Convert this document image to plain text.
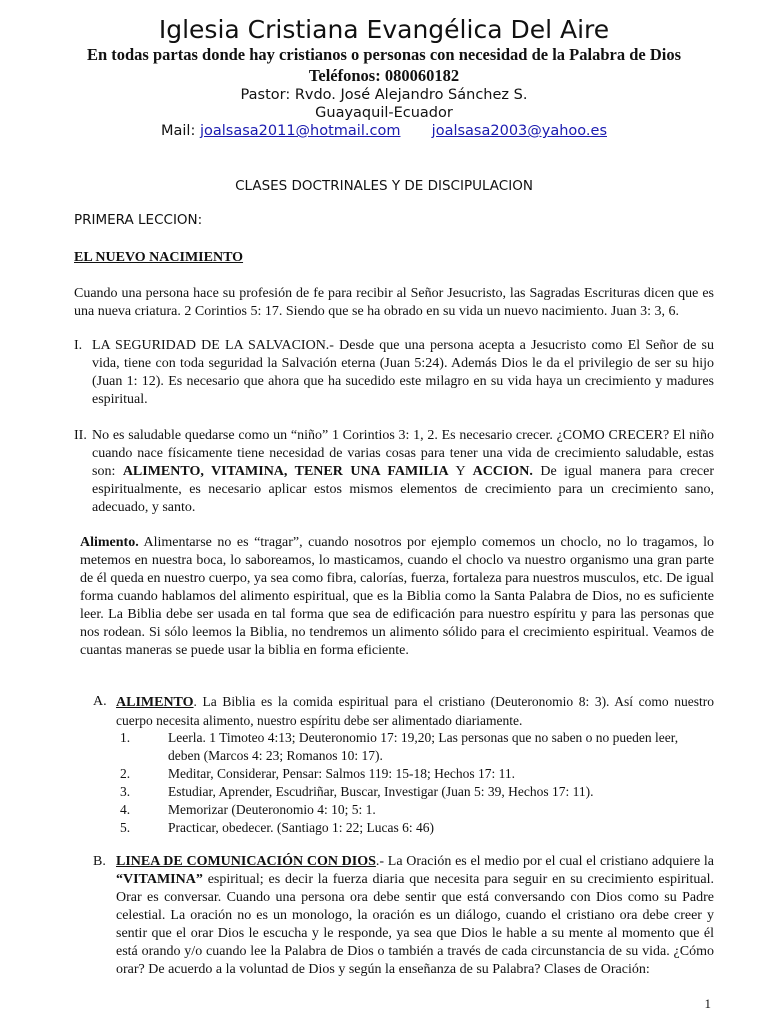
Iglesia Cristiana Evangélica Del Aire
En todas partas donde hay cristianos o personas con necesidad de la Palabra de Dios
Teléfonos: 080060182
Pastor: Rvdo. José Alejandro Sánchez S.
Guayaquil-Ecuador
Mail: joalsasa2011@hotmail.com joalsasa2003@yahoo.es
CLASES DOCTRINALES Y DE DISCIPULACION
PRIMERA LECCION:
EL NUEVO NACIMIENTO
Cuando una persona hace su profesión de fe para recibir al Señor Jesucristo, las Sagradas Escrituras dicen que es una nueva criatura. 2 Corintios 5: 17. Siendo que se ha obrado en su vida un nuevo nacimiento. Juan 3: 3, 6.
I. LA SEGURIDAD DE LA SALVACION.- Desde que una persona acepta a Jesucristo como El Señor de su vida, tiene con toda seguridad la Salvación eterna (Juan 5:24). Además Dios le da el privilegio de ser su hijo (Juan 1: 12). Es necesario que ahora que ha sucedido este milagro en su vida haya un crecimiento y madures espiritual.
II. No es saludable quedarse como un “niño” 1 Corintios 3: 1, 2. Es necesario crecer. ¿COMO CRECER? El niño cuando nace físicamente tiene necesidad de varias cosas para tener una vida de crecimiento saludable, estas son: ALIMENTO, VITAMINA, TENER UNA FAMILIA Y ACCION. De igual manera para crecer espiritualmente, es necesario aplicar estos mismos elementos de crecimiento para un crecimiento sano, adecuado, y santo.
Alimento. Alimentarse no es “tragar”, cuando nosotros por ejemplo comemos un choclo, no lo tragamos, lo metemos en nuestra boca, lo saboreamos, lo masticamos, cuando el choclo va nuestro organismo una gran parte de él queda en nuestro cuerpo, ya sea como fibra, calorías, fuerza, fortaleza para nuestros musculos, etc. De igual forma cuando hablamos del alimento espiritual, que es la Biblia como la Santa Palabra de Dios, no es suficiente leer. La Biblia debe ser usada en tal forma que sea de edificación para nuestro espíritu y para las personas que nos rodean. Si sólo leemos la Biblia, no tendremos un alimento sólido para el crecimiento espiritual. Veamos de cuantas maneras se puede usar la biblia en forma eficiente.
A. ALIMENTO. La Biblia es la comida espiritual para el cristiano (Deuteronomio 8: 3). Así como nuestro cuerpo necesita alimento, nuestro espíritu debe ser alimentado diariamente.
1.	Leerla. 1 Timoteo 4:13; Deuteronomio 17: 19,20; Las personas que no saben o no pueden leer, deben (Marcos 4: 23; Romanos 10: 17).
2.	Meditar, Considerar, Pensar: Salmos 119: 15-18; Hechos 17: 11.
3.	Estudiar, Aprender, Escudriñar, Buscar, Investigar (Juan 5: 39, Hechos 17: 11).
4.	Memorizar (Deuteronomio 4: 10; 5: 1.
5.	Practicar, obedecer. (Santiago 1: 22; Lucas 6: 46)
B. LINEA DE COMUNICACIÓN CON DIOS.- La Oración es el medio por el cual el cristiano adquiere la “VITAMINA” espiritual; es decir la fuerza diaria que necesita para seguir en su crecimiento espiritual. Orar es conversar. Cuando una persona ora debe sentir que está conversando con Dios como su Padre celestial. La oración no es un monologo, la oración es un diálogo, cuando el cristiano ora debe creer y sentir que el orar Dios le escucha y le responde, ya sea que Dios le hable a su mente al momento que él está orando y/o cuando lee la Palabra de Dios o también a través de cada circunstancia de su vida. ¿Cómo orar? De acuerdo a la voluntad de Dios y según la enseñanza de su Palabra? Clases de Oración:
1
